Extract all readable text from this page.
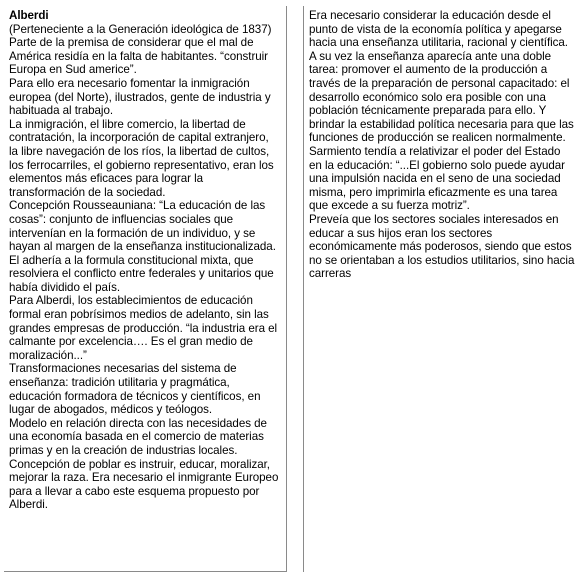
Alberdi

(Perteneciente a la Generación ideológica de 1837) Parte de la premisa de considerar que el mal de América residía en la falta de habitantes. “construir Europa en Sud americe”.

Para ello era necesario fomentar la inmigración europea (del Norte), ilustrados, gente de industria y habituada al trabajo.

La inmigración, el libre comercio, la libertad de contratación, la incorporación de capital extranjero, la libre navegación de los ríos, la libertad de cultos, los ferrocarriles, el gobierno representativo, eran los elementos más eficaces para lograr la transformación de la sociedad.

Concepción Rousseauniana: “La educación de las cosas”: conjunto de influencias sociales que intervenían en la formación de un individuo, y se hayan al margen de la enseñanza institucionalizada.

El adhería a la formula constitucional mixta, que resolviera el conflicto entre federales y unitarios que había dividido el país.

Para Alberdi, los establecimientos de educación formal eran pobrísimos medios de adelanto, sin las grandes empresas de producción. “la industria era el calmante por excelencia…. Es el gran medio de moralización...”

Transformaciones necesarias del sistema de enseñanza: tradición utilitaria y pragmática, educación formadora de técnicos y científicos, en lugar de abogados, médicos y teólogos.

Modelo en relación directa con las necesidades de una economía basada en el comercio de materias primas y en la creación de industrias locales.

Concepción de poblar es instruir, educar, moralizar, mejorar la raza. Era necesario el inmigrante Europeo para a llevar a cabo este esquema propuesto por Alberdi.

Era necesario considerar la educación desde el punto de vista de la economía política y apegarse hacia una enseñanza utilitaria, racional y científica.

A su vez la enseñanza aparecía ante una doble tarea: promover el aumento de la producción a través de la preparación de personal capacitado: el desarrollo económico solo era posible con una población técnicamente preparada para ello. Y brindar la estabilidad política necesaria para que las funciones de producción se realicen normalmente.

Sarmiento tendía a relativizar el poder del Estado en la educación: “...El gobierno solo puede ayudar una impulsión nacida en el seno de una sociedad misma, pero imprimirla eficazmente es una tarea que excede a su fuerza motriz”.

Preveía que los sectores sociales interesados en educar a sus hijos eran los sectores económicamente más poderosos, siendo que estos no se orientaban a los estudios utilitarios, sino hacia carreras
